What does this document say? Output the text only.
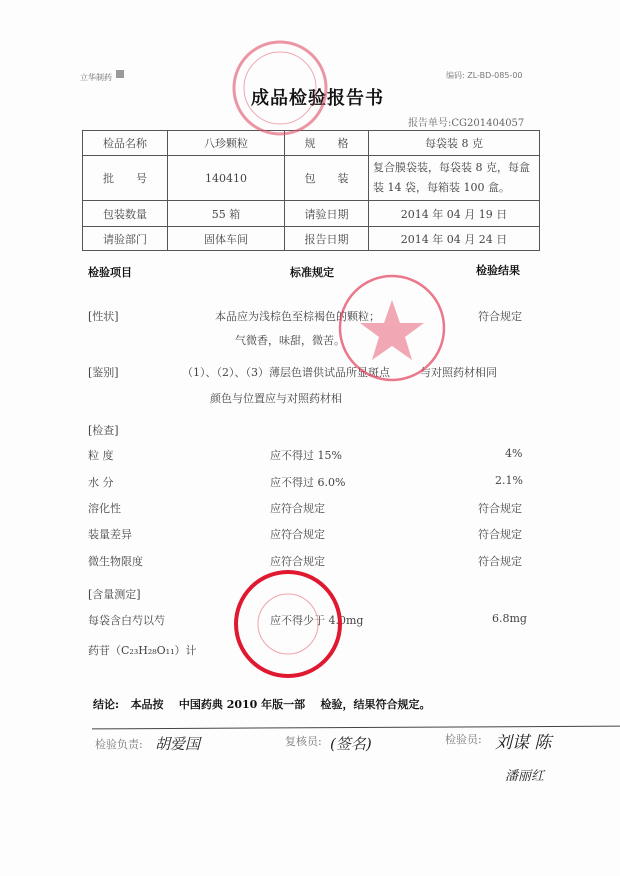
立华制药	编码: ZL-BD-085-00
成品检验报告书
报告单号:CG201404057
检品名称	八珍颗粒	规　　格	每袋装 8 克
批　　号	140410	包　　装	复合膜袋装，每袋装 8 克，每盒装 14 袋，每箱装 100 盒。
包装数量	55 箱	请验日期	2014 年 04 月 19 日
请验部门	固体车间	报告日期	2014 年 04 月 24 日
检验项目	标准规定	检验结果
[性状]	本品应为浅棕色至棕褐色的颗粒；	符合规定
气微香，味甜，微苦。
[鉴别]	（1）、（2）、（3）薄层色谱供试品所显斑点	与对照药材相同
颜色与位置应与对照药材相
[检查]
粒 度	应不得过 15%	4%
水 分	应不得过 6.0%	2.1%
溶化性	应符合规定	符合规定
装量差异	应符合规定	符合规定
微生物限度	应符合规定	符合规定
[含量测定]
每袋含白芍以芍	应不得少于 4.0mg	6.8mg
药苷（C₂₃H₂₈O₁₁）计
结论: 本品按 中国药典 2010 年版一部 检验，结果符合规定。
检验负责: 胡爱国	复核员: (签名)	检验员: 刘谋 陈
潘丽红
